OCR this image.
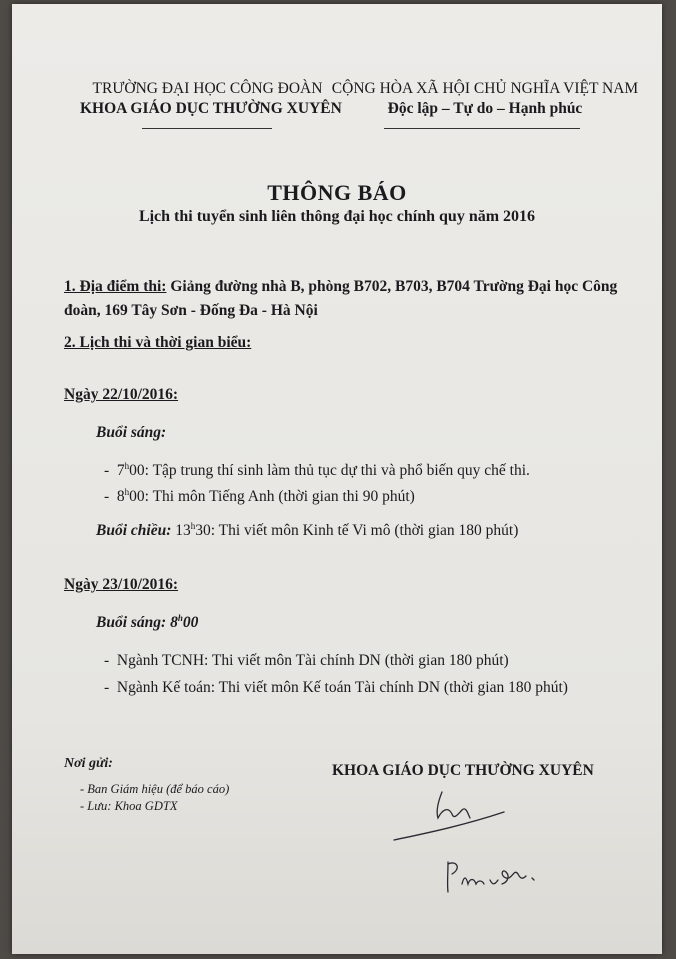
TRƯỜNG ĐẠI HỌC CÔNG ĐOÀN
KHOA GIÁO DỤC THƯỜNG XUYÊN
CỘNG HÒA XÃ HỘI CHỦ NGHĨA VIỆT NAM
Độc lập – Tự do – Hạnh phúc
THÔNG BÁO
Lịch thi tuyển sinh liên thông đại học chính quy năm 2016
1. Địa điểm thi: Giảng đường nhà B, phòng B702, B703, B704 Trường Đại học Công
đoàn, 169 Tây Sơn - Đống Đa - Hà Nội
2. Lịch thi và thời gian biểu:
Ngày 22/10/2016:
Buổi sáng:
-  7$^h$00: Tập trung thí sinh làm thủ tục dự thi và phổ biến quy chế thi.
-  8$^h$00: Thi môn Tiếng Anh (thời gian thi 90 phút)
Buổi chiều: 13$^h$30: Thi viết môn Kinh tế Vi mô (thời gian 180 phút)
Ngày 23/10/2016:
Buổi sáng: 8$^h$00
-  Ngành TCNH: Thi viết môn Tài chính DN (thời gian 180 phút)
-  Ngành Kế toán: Thi viết môn Kế toán Tài chính DN (thời gian 180 phút)
Nơi gửi:
- Ban Giám hiệu (để báo cáo)
- Lưu: Khoa GDTX
KHOA GIÁO DỤC THƯỜNG XUYÊN
